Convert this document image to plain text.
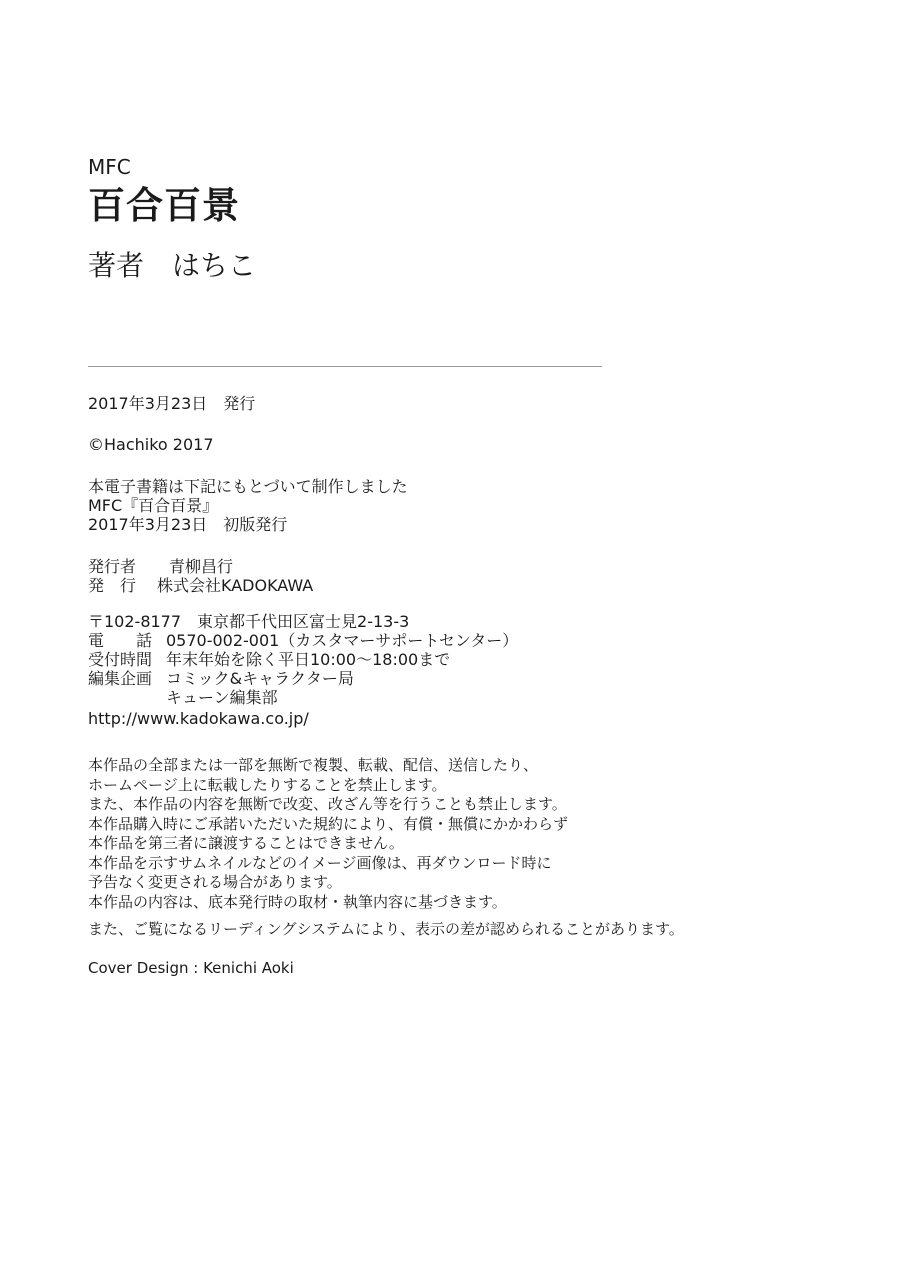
MFC
百合百景
著者　はちこ
2017年3月23日　発行
©Hachiko 2017
本電子書籍は下記にもとづいて制作しました
MFC『百合百景』
2017年3月23日　初版発行
発行者	青柳昌行
発　行	株式会社KADOKAWA
〒102-8177　東京都千代田区富士見2-13-3
電　　話 0570-002-001（カスタマーサポートセンター）
受付時間 年末年始を除く平日10:00～18:00まで
編集企画 コミック&キャラクター局
キューン編集部
http://www.kadokawa.co.jp/
本作品の全部または一部を無断で複製、転載、配信、送信したり、
ホームページ上に転載したりすることを禁止します。
また、本作品の内容を無断で改変、改ざん等を行うことも禁止します。
本作品購入時にご承諾いただいた規約により、有償・無償にかかわらず
本作品を第三者に譲渡することはできません。
本作品を示すサムネイルなどのイメージ画像は、再ダウンロード時に
予告なく変更される場合があります。
本作品の内容は、底本発行時の取材・執筆内容に基づきます。
また、ご覧になるリーディングシステムにより、表示の差が認められることがあります。
Cover Design : Kenichi Aoki
